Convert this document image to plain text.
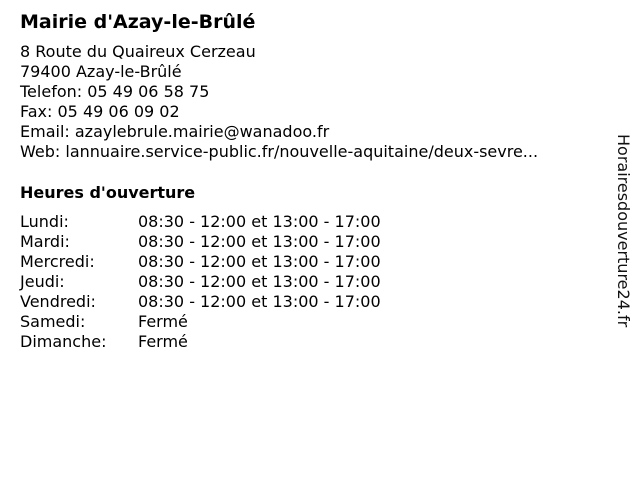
Mairie d'Azay-le-Brûlé
8 Route du Quaireux Cerzeau
79400 Azay-le-Brûlé
Telefon: 05 49 06 58 75
Fax: 05 49 06 09 02
Email: azaylebrule.mairie@wanadoo.fr
Web: lannuaire.service-public.fr/nouvelle-aquitaine/deux-sevre...
Heures d'ouverture
Lundi:	08:30 - 12:00 et 13:00 - 17:00
Mardi:	08:30 - 12:00 et 13:00 - 17:00
Mercredi:	08:30 - 12:00 et 13:00 - 17:00
Jeudi:	08:30 - 12:00 et 13:00 - 17:00
Vendredi:	08:30 - 12:00 et 13:00 - 17:00
Samedi:	Fermé
Dimanche:	Fermé
Horairesdouverture24.fr
